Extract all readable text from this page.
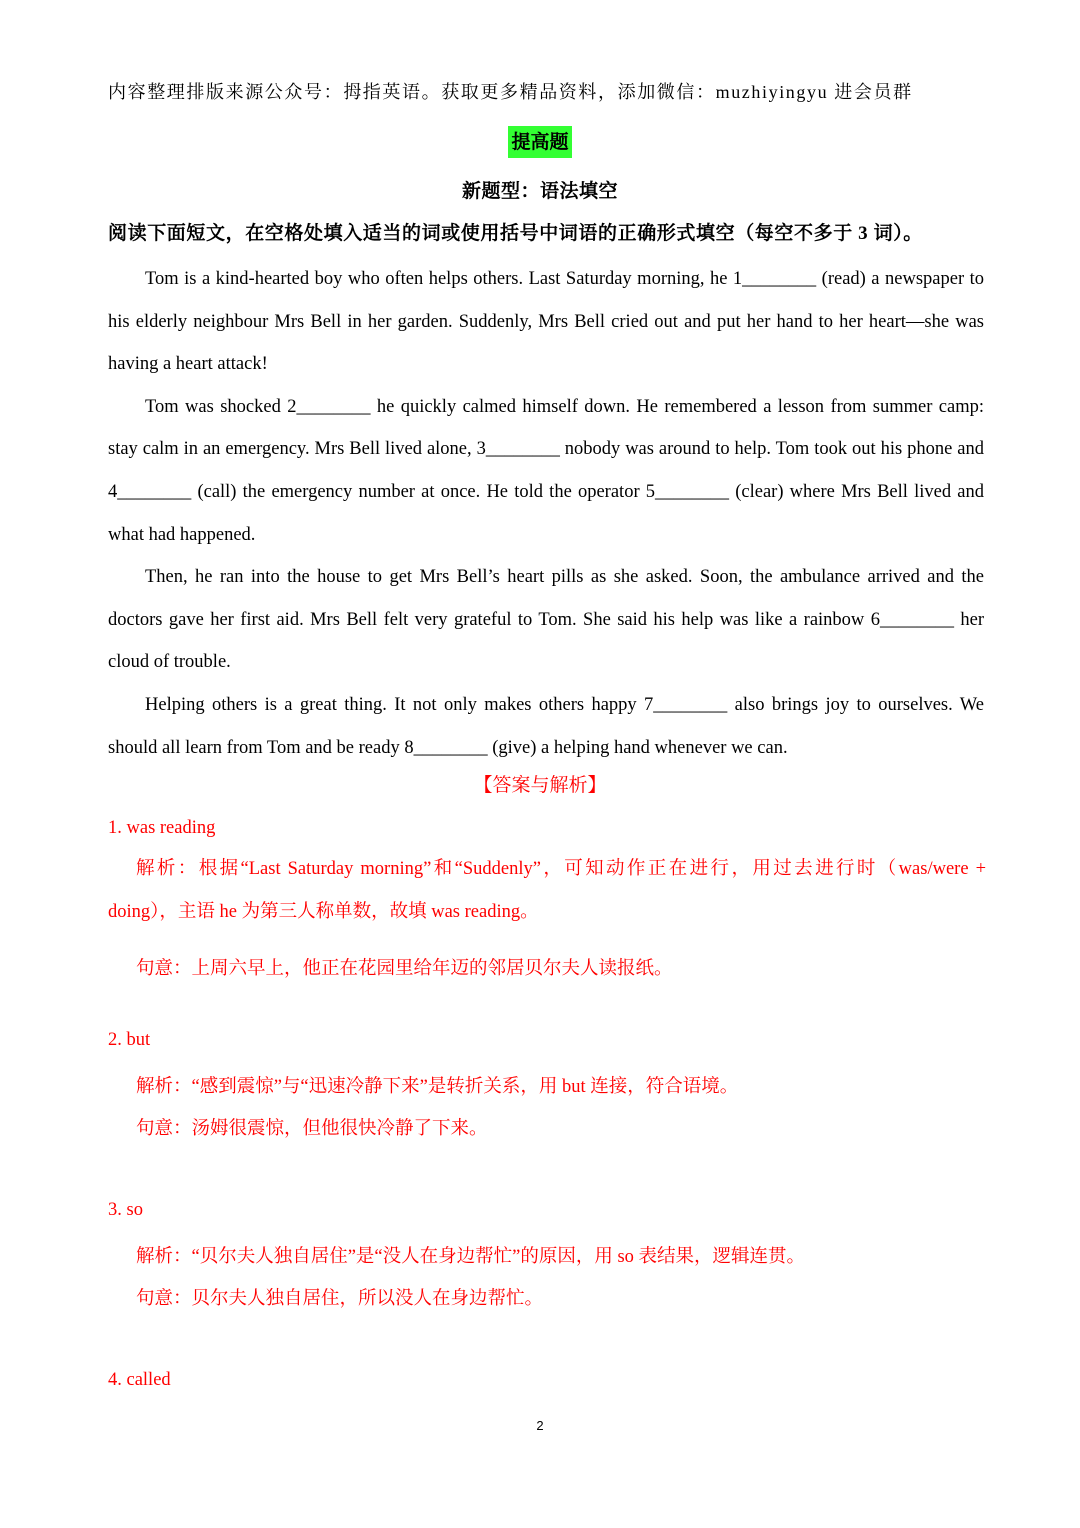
内容整理排版来源公众号：拇指英语。获取更多精品资料，添加微信：muzhiyingyu 进会员群
提高题
新题型：语法填空
阅读下面短文，在空格处填入适当的词或使用括号中词语的正确形式填空（每空不多于 3 词）。

Tom is a kind-hearted boy who often helps others. Last Saturday morning, he 1________ (read) a newspaper to his elderly neighbour Mrs Bell in her garden. Suddenly, Mrs Bell cried out and put her hand to her heart—she was having a heart attack!

Tom was shocked 2________ he quickly calmed himself down. He remembered a lesson from summer camp: stay calm in an emergency. Mrs Bell lived alone, 3________ nobody was around to help. Tom took out his phone and 4________ (call) the emergency number at once. He told the operator 5________ (clear) where Mrs Bell lived and what had happened.

Then, he ran into the house to get Mrs Bell’s heart pills as she asked. Soon, the ambulance arrived and the doctors gave her first aid. Mrs Bell felt very grateful to Tom. She said his help was like a rainbow 6________ her cloud of trouble.

Helping others is a great thing. It not only makes others happy 7________ also brings joy to ourselves. We should all learn from Tom and be ready 8________ (give) a helping hand whenever we can.

【答案与解析】
1. was reading
解析：根据“Last Saturday morning”和“Suddenly”，可知动作正在进行，用过去进行时（was/were + doing），主语 he 为第三人称单数，故填 was reading。
句意：上周六早上，他正在花园里给年迈的邻居贝尔夫人读报纸。
2. but
解析：“感到震惊”与“迅速冷静下来”是转折关系，用 but 连接，符合语境。
句意：汤姆很震惊，但他很快冷静了下来。
3. so
解析：“贝尔夫人独自居住”是“没人在身边帮忙”的原因，用 so 表结果，逻辑连贯。
句意：贝尔夫人独自居住，所以没人在身边帮忙。
4. called
2
